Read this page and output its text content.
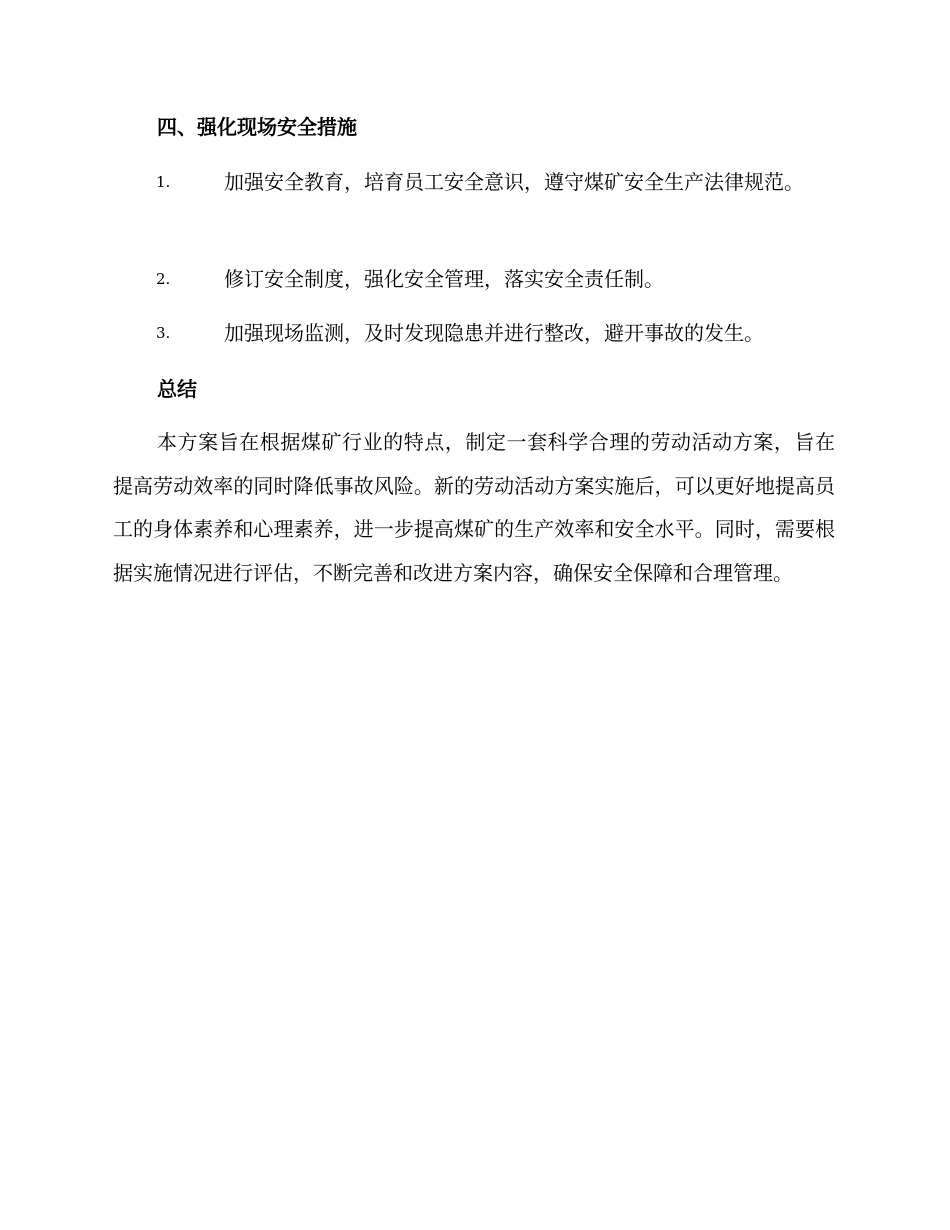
四、强化现场安全措施
1.	加强安全教育，培育员工安全意识，遵守煤矿安全生产法律规范。
2.	修订安全制度，强化安全管理，落实安全责任制。
3.	加强现场监测，及时发现隐患并进行整改，避开事故的发生。
总结
本方案旨在根据煤矿行业的特点，制定一套科学合理的劳动活动方案，旨在提高劳动效率的同时降低事故风险。新的劳动活动方案实施后，可以更好地提高员工的身体素养和心理素养，进一步提高煤矿的生产效率和安全水平。同时，需要根据实施情况进行评估，不断完善和改进方案内容，确保安全保障和合理管理。
